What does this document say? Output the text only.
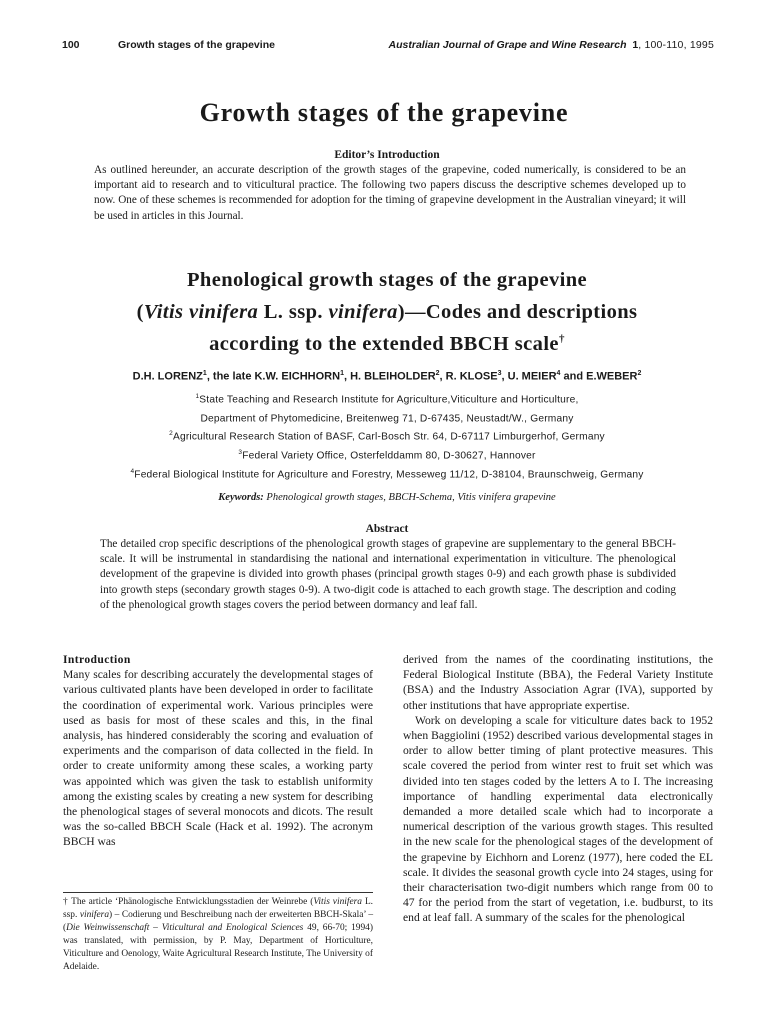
100	Growth stages of the grapevine	Australian Journal of Grape and Wine Research 1, 100-110, 1995
Growth stages of the grapevine
Editor’s Introduction
As outlined hereunder, an accurate description of the growth stages of the grapevine, coded numerically, is considered to be an important aid to research and to viticultural practice. The following two papers discuss the descriptive schemes developed up to now. One of these schemes is recommended for adoption for the timing of grapevine development in the Australian vineyard; it will be used in articles in this Journal.
Phenological growth stages of the grapevine
(Vitis vinifera L. ssp. vinifera)—Codes and descriptions
according to the extended BBCH scale†
D.H. LORENZ$^1$, the late K.W. EICHHORN$^1$, H. BLEIHOLDER$^2$, R. KLOSE$^3$, U. MEIER$^4$ and E.WEBER$^2$
$^1$State Teaching and Research Institute for Agriculture,Viticulture and Horticulture,
Department of Phytomedicine, Breitenweg 71, D-67435, Neustadt/W., Germany
$^2$Agricultural Research Station of BASF, Carl-Bosch Str. 64, D-67117 Limburgerhof, Germany
$^3$Federal Variety Office, Osterfelddamm 80, D-30627, Hannover
$^4$Federal Biological Institute for Agriculture and Forestry, Messeweg 11/12, D-38104, Braunschweig, Germany
Keywords: Phenological growth stages, BBCH-Schema, Vitis vinifera grapevine
Abstract
The detailed crop specific descriptions of the phenological growth stages of grapevine are supplementary to the general BBCH-scale. It will be instrumental in standardising the national and international experimentation in viticulture. The phenological development of the grapevine is divided into growth phases (principal growth stages 0-9) and each growth phase is subdivided into growth steps (secondary growth stages 0-9). A two-digit code is attached to each growth stage. The description and coding of the phenological growth stages covers the period between dormancy and leaf fall.
Introduction

Many scales for describing accurately the developmental stages of various cultivated plants have been developed in order to facilitate the coordination of experimental work. Various principles were used as basis for most of these scales and this, in the final analysis, has hindered considerably the scoring and evaluation of experiments and the comparison of data collected in the field. In order to create uniformity among these scales, a working party was appointed which was given the task to establish uniformity among the existing scales by creating a new system for describing the phenological stages of several monocots and dicots. The result was the so-called BBCH Scale (Hack et al. 1992). The acronym BBCH was

derived from the names of the coordinating institutions, the Federal Biological Institute (BBA), the Federal Variety Institute (BSA) and the Industry Association Agrar (IVA), supported by other institutions that have appropriate expertise.

Work on developing a scale for viticulture dates back to 1952 when Baggiolini (1952) described various developmental stages in order to allow better timing of plant protective measures. This scale covered the period from winter rest to fruit set which was divided into ten stages coded by the letters A to I. The increasing importance of handling experimental data electronically demanded a more detailed scale which had to incorporate a numerical description of the various growth stages. This resulted in the new scale for the phenological stages of the development of the grapevine by Eichhorn and Lorenz (1977), here coded the EL scale. It divides the seasonal growth cycle into 24 stages, using for their characterisation two-digit numbers which range from 00 to 47 for the period from the start of vegetation, i.e. budburst, to its end at leaf fall. A summary of the scales for the phenological

† The article ‘Phänologische Entwicklungsstadien der Weinrebe (Vitis vinifera L. ssp. vinifera) – Codierung und Beschreibung nach der erweiterten BBCH-Skala’ – (Die Weinwissenschaft – Viticultural and Enological Sciences 49, 66-70; 1994) was translated, with permission, by P. May, Department of Horticulture, Viticulture and Oenology, Waite Agricultural Research Institute, The University of Adelaide.
